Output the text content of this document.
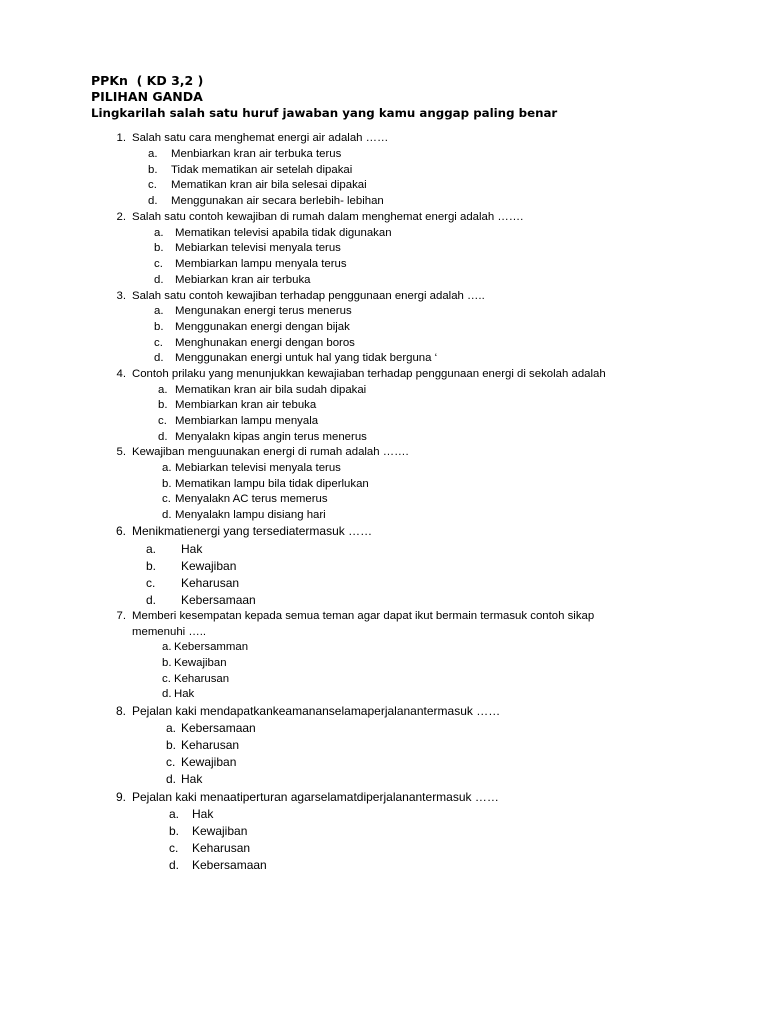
PPKn  ( KD 3,2 )
PILIHAN GANDA
Lingkarilah salah satu huruf jawaban yang kamu anggap paling benar
1. Salah satu cara menghemat energi air adalah ……
a. Menbiarkan kran air terbuka terus
b. Tidak mematikan air setelah dipakai
c. Mematikan kran air bila selesai dipakai
d. Menggunakan air secara berlebih- lebihan
2. Salah satu contoh kewajiban di rumah dalam menghemat energi adalah …….
a. Mematikan televisi apabila tidak digunakan
b. Mebiarkan televisi menyala terus
c. Membiarkan lampu menyala terus
d. Mebiarkan kran air terbuka
3. Salah satu contoh kewajiban terhadap penggunaan energi adalah …..
a. Mengunakan energi terus menerus
b. Menggunakan energi dengan bijak
c. Menghunakan energi dengan boros
d. Menggunakan energi untuk hal yang tidak berguna ‘
4. Contoh prilaku yang menunjukkan kewajiaban terhadap penggunaan energi di sekolah adalah
a. Mematikan kran air bila sudah dipakai
b. Membiarkan kran air tebuka
c. Membiarkan lampu menyala
d. Menyalakn kipas angin terus menerus
5. Kewajiban menguunakan energi di rumah adalah …….
a. Mebiarkan televisi menyala terus
b. Mematikan lampu bila tidak diperlukan
c. Menyalakn AC terus memerus
d. Menyalakn lampu disiang hari
6. Menikmatienergi yang tersediatermasuk ……
a. Hak
b. Kewajiban
c. Keharusan
d. Kebersamaan
7. Memberi kesempatan kepada semua teman agar dapat ikut bermain termasuk contoh sikap
memenuhi …..
a. Kebersamman
b. Kewajiban
c. Keharusan
d. Hak
8. Pejalan kaki mendapatkankeamananselamaperjalanantermasuk ……
a. Kebersamaan
b. Keharusan
c. Kewajiban
d. Hak
9. Pejalan kaki menaatiperturan agarselamatdiperjalanantermasuk ……
a. Hak
b. Kewajiban
c. Keharusan
d. Kebersamaan
